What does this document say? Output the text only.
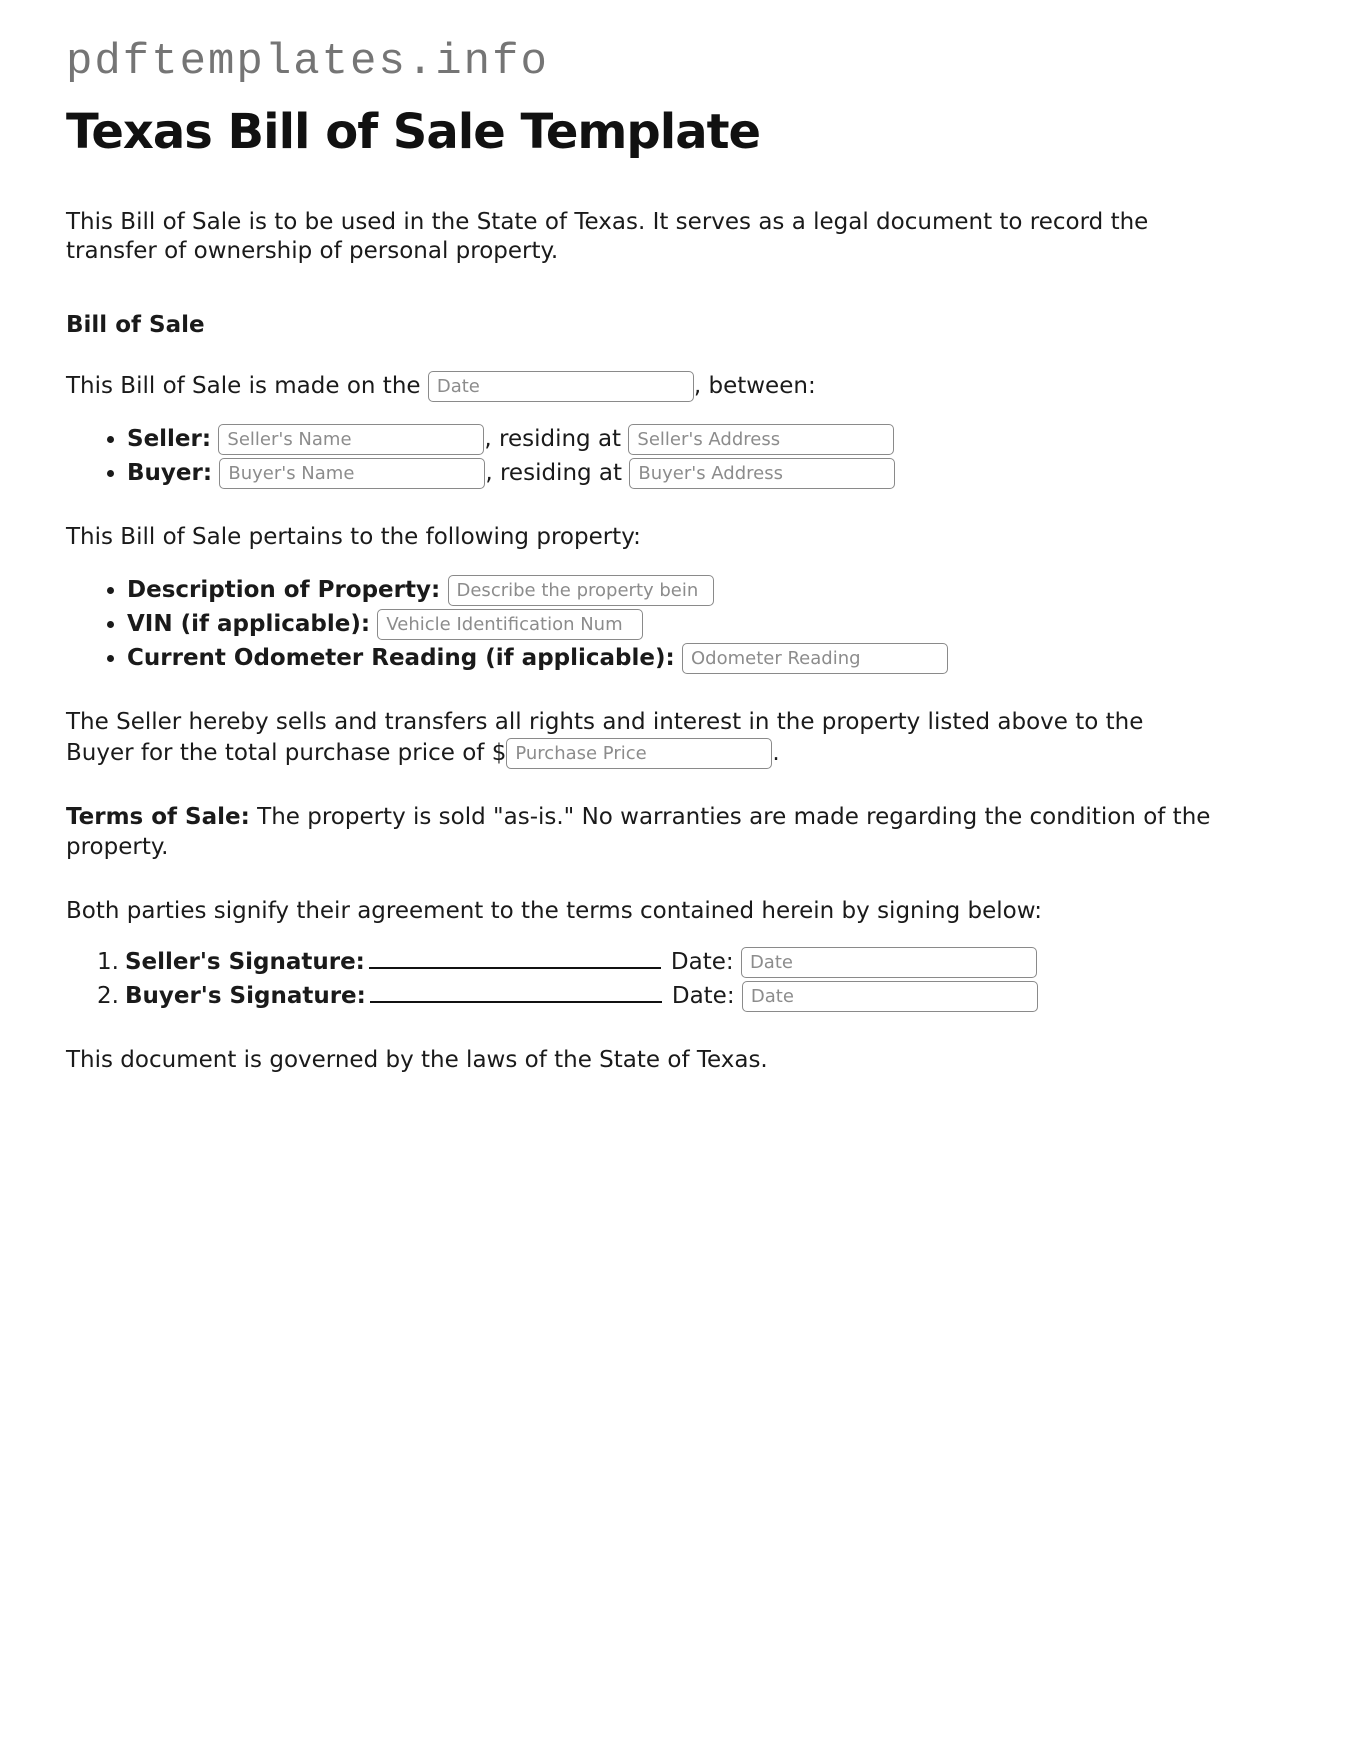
pdftemplates.info
Texas Bill of Sale Template

This Bill of Sale is to be used in the State of Texas. It serves as a legal document to record the transfer of ownership of personal property.

Bill of Sale

This Bill of Sale is made on the Date	, between:

• Seller: Seller's Name	, residing at Seller's Address
• Buyer: Buyer's Name	, residing at Buyer's Address

This Bill of Sale pertains to the following property:

• Description of Property: Describe the property bein
• VIN (if applicable): Vehicle Identification Num
• Current Odometer Reading (if applicable): Odometer Reading

The Seller hereby sells and transfers all rights and interest in the property listed above to the Buyer for the total purchase price of $Purchase Price	.

Terms of Sale: The property is sold "as-is." No warranties are made regarding the condition of the property.

Both parties signify their agreement to the terms contained herein by signing below:

1. Seller's Signature:	Date: Date
2. Buyer's Signature:	Date: Date

This document is governed by the laws of the State of Texas.
